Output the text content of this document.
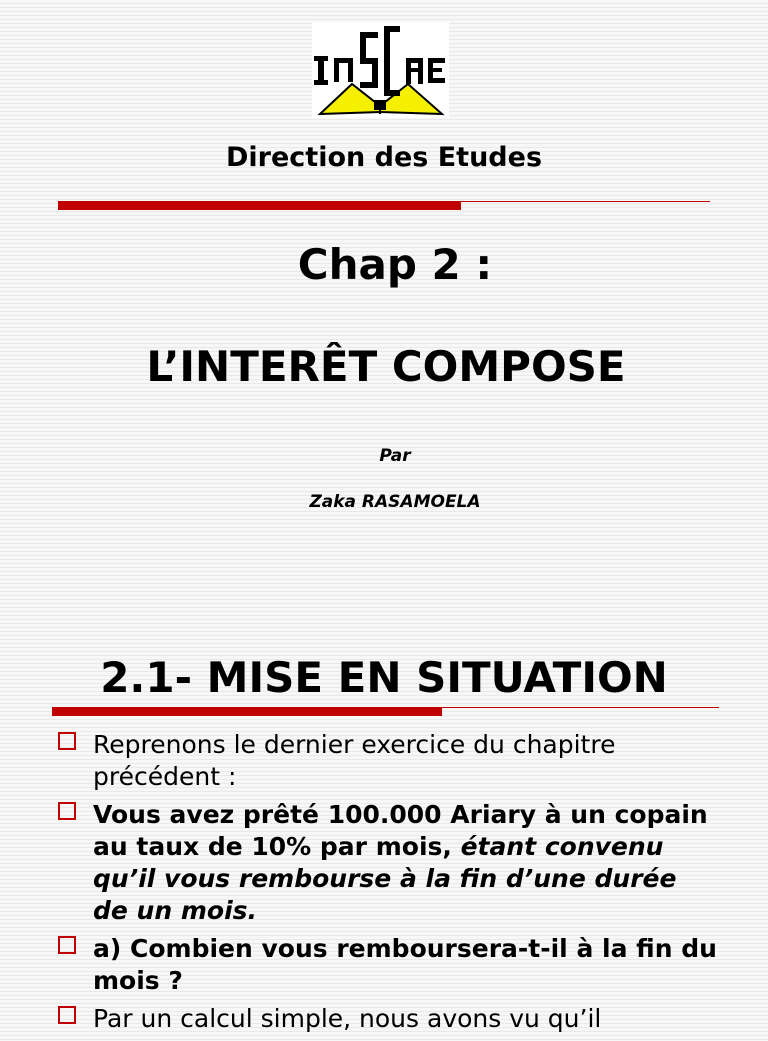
Direction des Etudes
Chap 2 :
L’INTERÊT COMPOSE
Par
Zaka RASAMOELA
2.1- MISE EN SITUATION
Reprenons le dernier exercice du chapitre précédent :
Vous avez prêté 100.000 Ariary à un copain au taux de 10% par mois, étant convenu qu’il vous rembourse à la fin d’une durée de un mois.
a) Combien vous remboursera-t-il à la fin du mois ?
Par un calcul simple, nous avons vu qu’il
